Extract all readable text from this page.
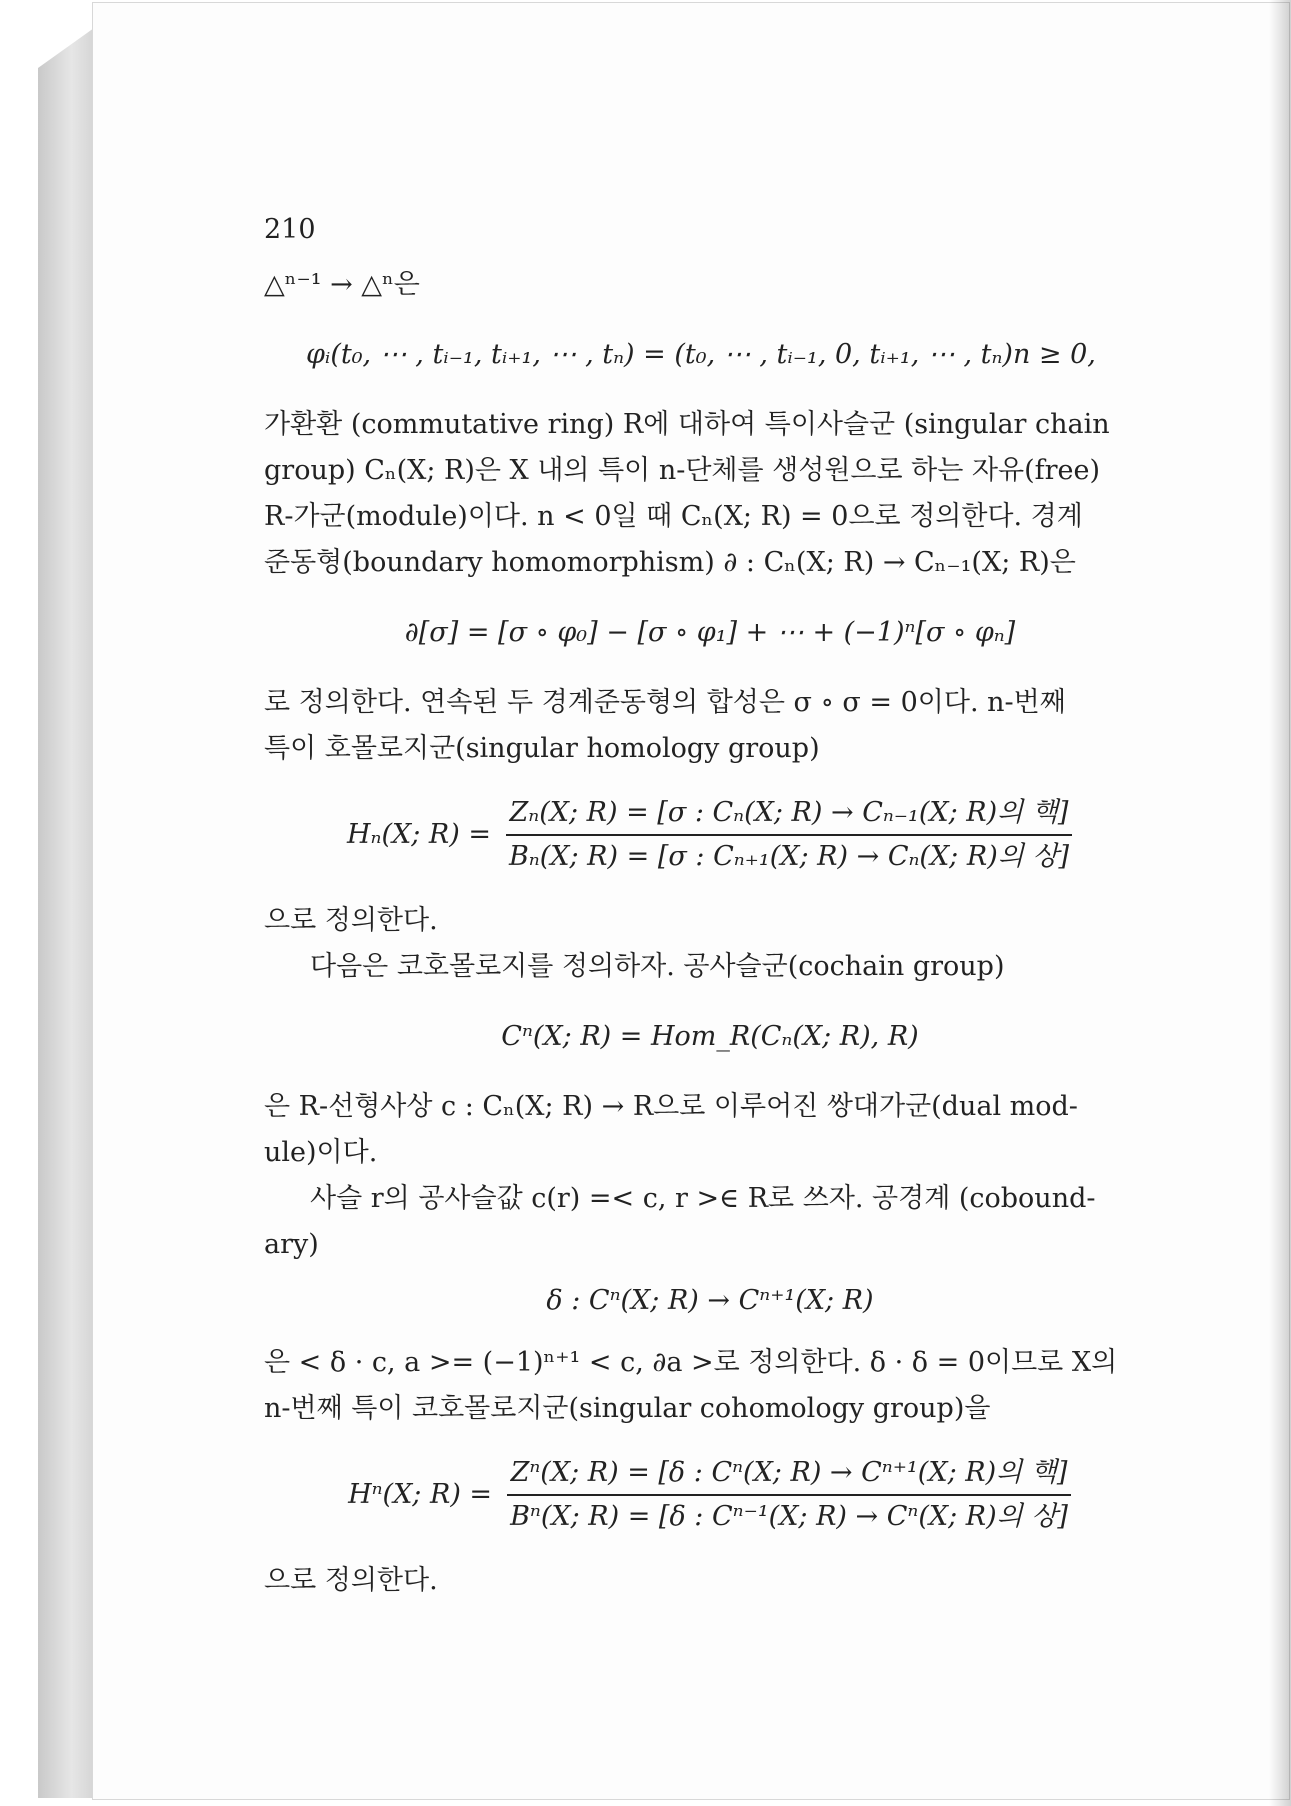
210
△ⁿ⁻¹ → △ⁿ은
φᵢ(t₀, ⋯ , tᵢ₋₁, tᵢ₊₁, ⋯ , tₙ) = (t₀, ⋯ , tᵢ₋₁, 0, tᵢ₊₁, ⋯ , tₙ)n ≥ 0,
가환환 (commutative ring) R에 대하여 특이사슬군 (singular chain
group) Cₙ(X; R)은 X 내의 특이 n-단체를 생성원으로 하는 자유(free)
R-가군(module)이다. n < 0일 때 Cₙ(X; R) = 0으로 정의한다. 경계
준동형(boundary homomorphism) ∂ : Cₙ(X; R) → Cₙ₋₁(X; R)은
∂[σ] = [σ ∘ φ₀] − [σ ∘ φ₁] + ⋯ + (−1)ⁿ[σ ∘ φₙ]
로 정의한다. 연속된 두 경계준동형의 합성은 σ ∘ σ = 0이다. n-번째
특이 호몰로지군(singular homology group)
Hₙ(X; $R) = \frac{\text{Zₙ(X; R) = [σ : Cₙ(X; R) → Cₙ₋₁(X; R)의 핵]}}{\text{Bₙ(X; R) = [σ : Cₙ₊₁(X; R) → Cₙ(X; R)의 상]}}$
으로 정의한다.
다음은 코호몰로지를 정의하자. 공사슬군(cochain group)
Cⁿ(X; R) = Hom_R(Cₙ(X; R), R)
은 R-선형사상 c : Cₙ(X; R) → R으로 이루어진 쌍대가군(dual mod-
ule)이다.
사슬 r의 공사슬값 c(r) =< c, r >∈ R로 쓰자. 공경계 (cobound-
ary)
δ : Cⁿ(X; R) → Cⁿ⁺¹(X; R)
은 < δ · c, a >= (−1)ⁿ⁺¹ < c, ∂a >로 정의한다. δ · δ = 0이므로 X의
n-번째 특이 코호몰로지군(singular cohomology group)을
Hⁿ(X; $R) = \frac{\text{Zⁿ(X; R) = [δ : Cⁿ(X; R) → Cⁿ⁺¹(X; R)의 핵]}}{\text{Bⁿ(X; R) = [δ : Cⁿ⁻¹(X; R) → Cⁿ(X; R)의 상]}}$
으로 정의한다.
